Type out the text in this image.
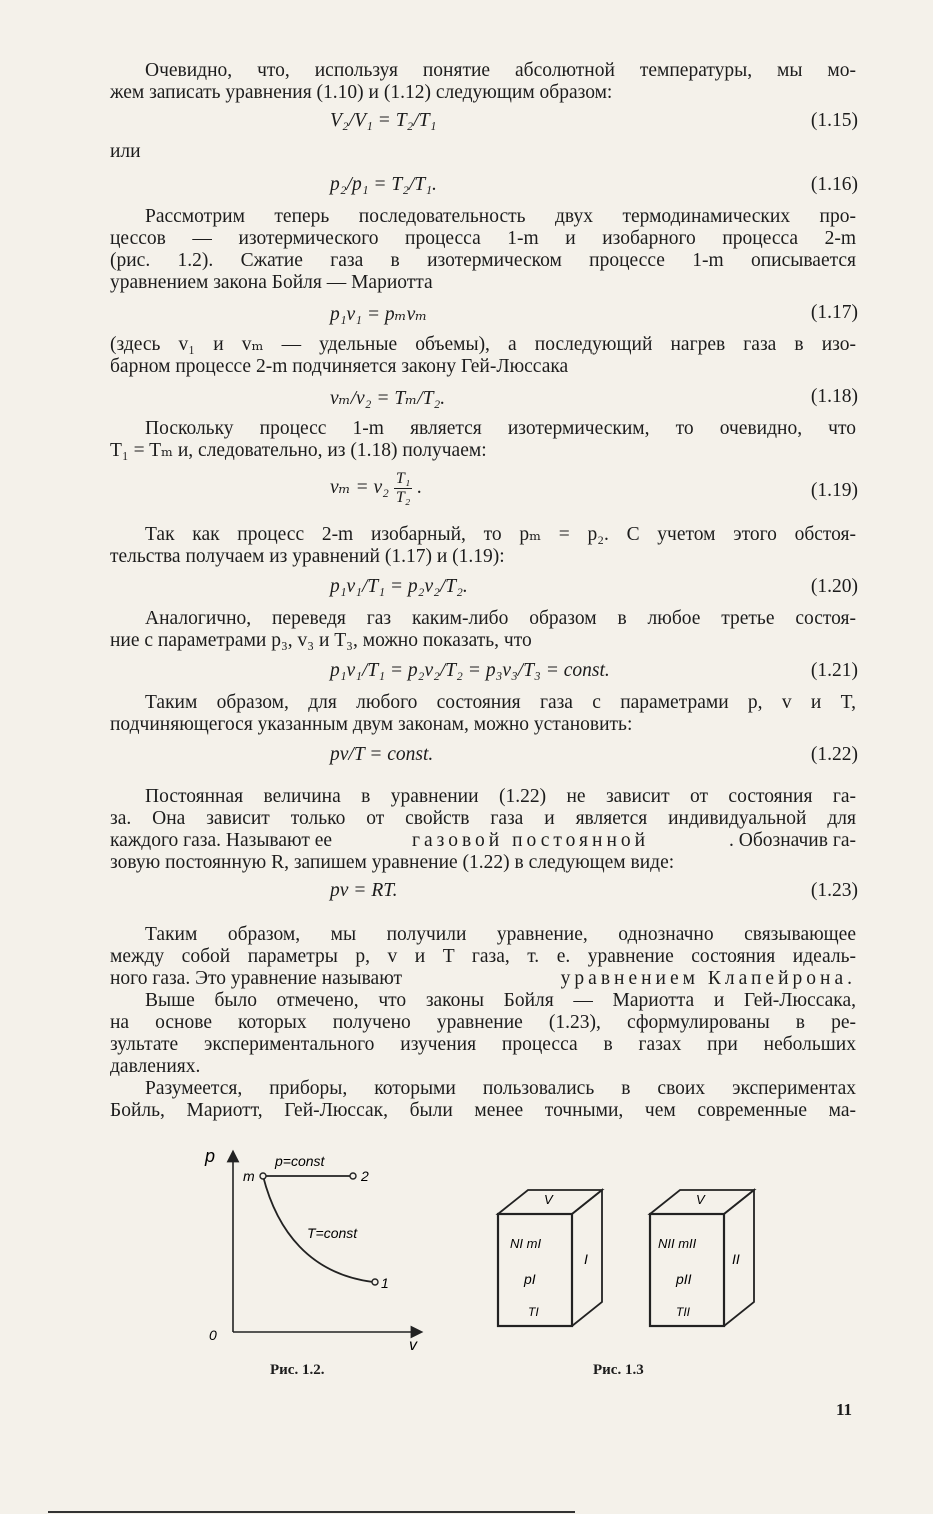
Очевидно, что, используя понятие абсолютной температуры, мы мо-
жем записать уравнения (1.10) и (1.12) следующим образом:
V₂/V₁ = T₂/T₁	(1.15)
или
p₂/p₁ = T₂/T₁.	(1.16)
Рассмотрим теперь последовательность двух термодинамических про-
цессов — изотермического процесса 1-m и изобарного процесса 2-m
(рис. 1.2). Сжатие газа в изотермическом процессе 1-m описывается
уравнением закона Бойля — Мариотта
p₁v₁ = pₘvₘ	(1.17)
(здесь v₁ и vₘ — удельные объемы), а последующий нагрев газа в изо-
барном процессе 2-m подчиняется закону Гей-Люссака
vₘ/v₂ = Tₘ/T₂.	(1.18)
Поскольку процесс 1-m является изотермическим, то очевидно, что
T₁ = Tₘ и, следовательно, из (1.18) получаем:
$v_m = v_2 \frac{\text{T₁}}{\text{T₂}}$ .	(1.19)
Так как процесс 2-m изобарный, то pₘ = p₂. С учетом этого обстоя-
тельства получаем из уравнений (1.17) и (1.19):
p₁v₁/T₁ = p₂v₂/T₂.	(1.20)
Аналогично, переведя газ каким-либо образом в любое третье состоя-
ние с параметрами p₃, v₃ и T₃, можно показать, что
p₁v₁/T₁ = p₂v₂/T₂ = p₃v₃/T₃ = const.	(1.21)
Таким образом, для любого состояния газа с параметрами p, v и T,
подчиняющегося указанным двум законам, можно установить:
pv/T = const.	(1.22)
Постоянная величина в уравнении (1.22) не зависит от состояния га-
за. Она зависит только от свойств газа и является индивидуальной для
каждого газа. Называют ее	газовой постоянной	. Обозначив га-
зовую постоянную R, запишем уравнение (1.22) в следующем виде:
pv = RT.	(1.23)
Таким образом, мы получили уравнение, однозначно связывающее
между собой параметры p, v и T газа, т. е. уравнение состояния идеаль-
ного газа. Это уравнение называют	уравнением Клапейрона.
Выше было отмечено, что законы Бойля — Мариотта и Гей-Люссака,
на основе которых получено уравнение (1.23), сформулированы в ре-
зультате экспериментального изучения процесса в газах при небольших
давлениях.
Разумеется, приборы, которыми пользовались в своих экспериментах
Бойль, Мариотт, Гей-Люссак, были менее точными, чем современные ма-
p
v
0
m	2
1
p=const
T=const
Рис. 1.2.
V
NI mI
pI
TI
I
V
NII mII
pII
TII
II
Рис. 1.3
11
